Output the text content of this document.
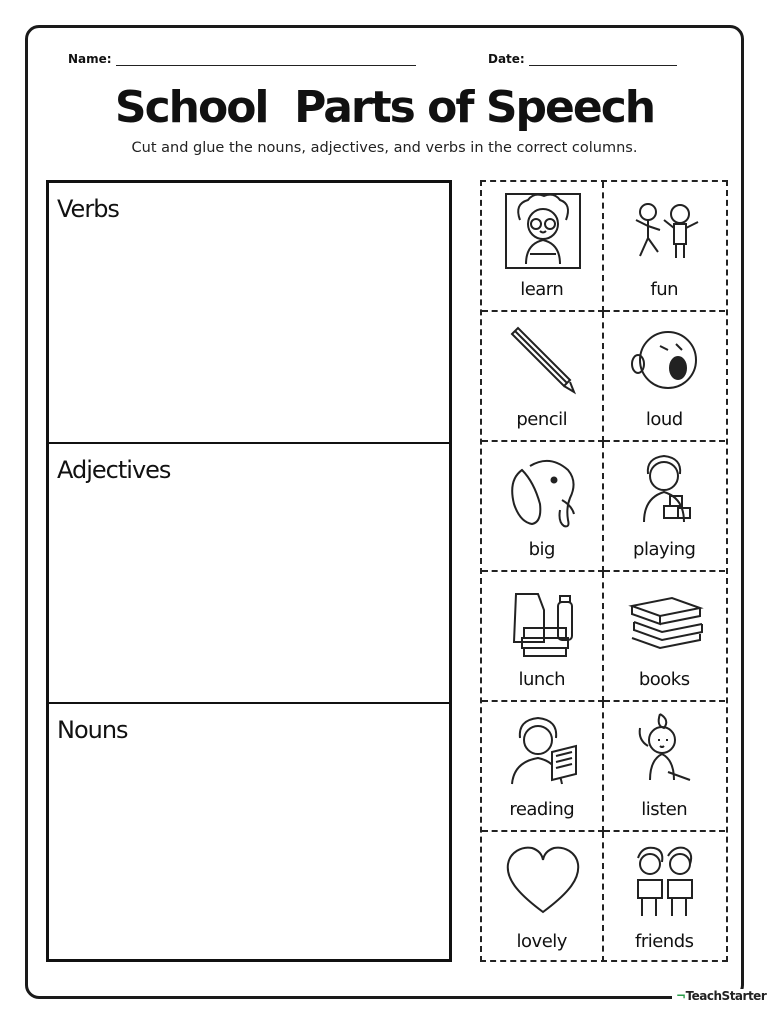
Name:	Date:
School  Parts of Speech
Cut and glue the nouns, adjectives, and verbs in the correct columns.
Verbs
Adjectives
Nouns
learn	fun
pencil	loud
big	playing
lunch	books
reading	listen
lovely	friends
¬TeachStarter
